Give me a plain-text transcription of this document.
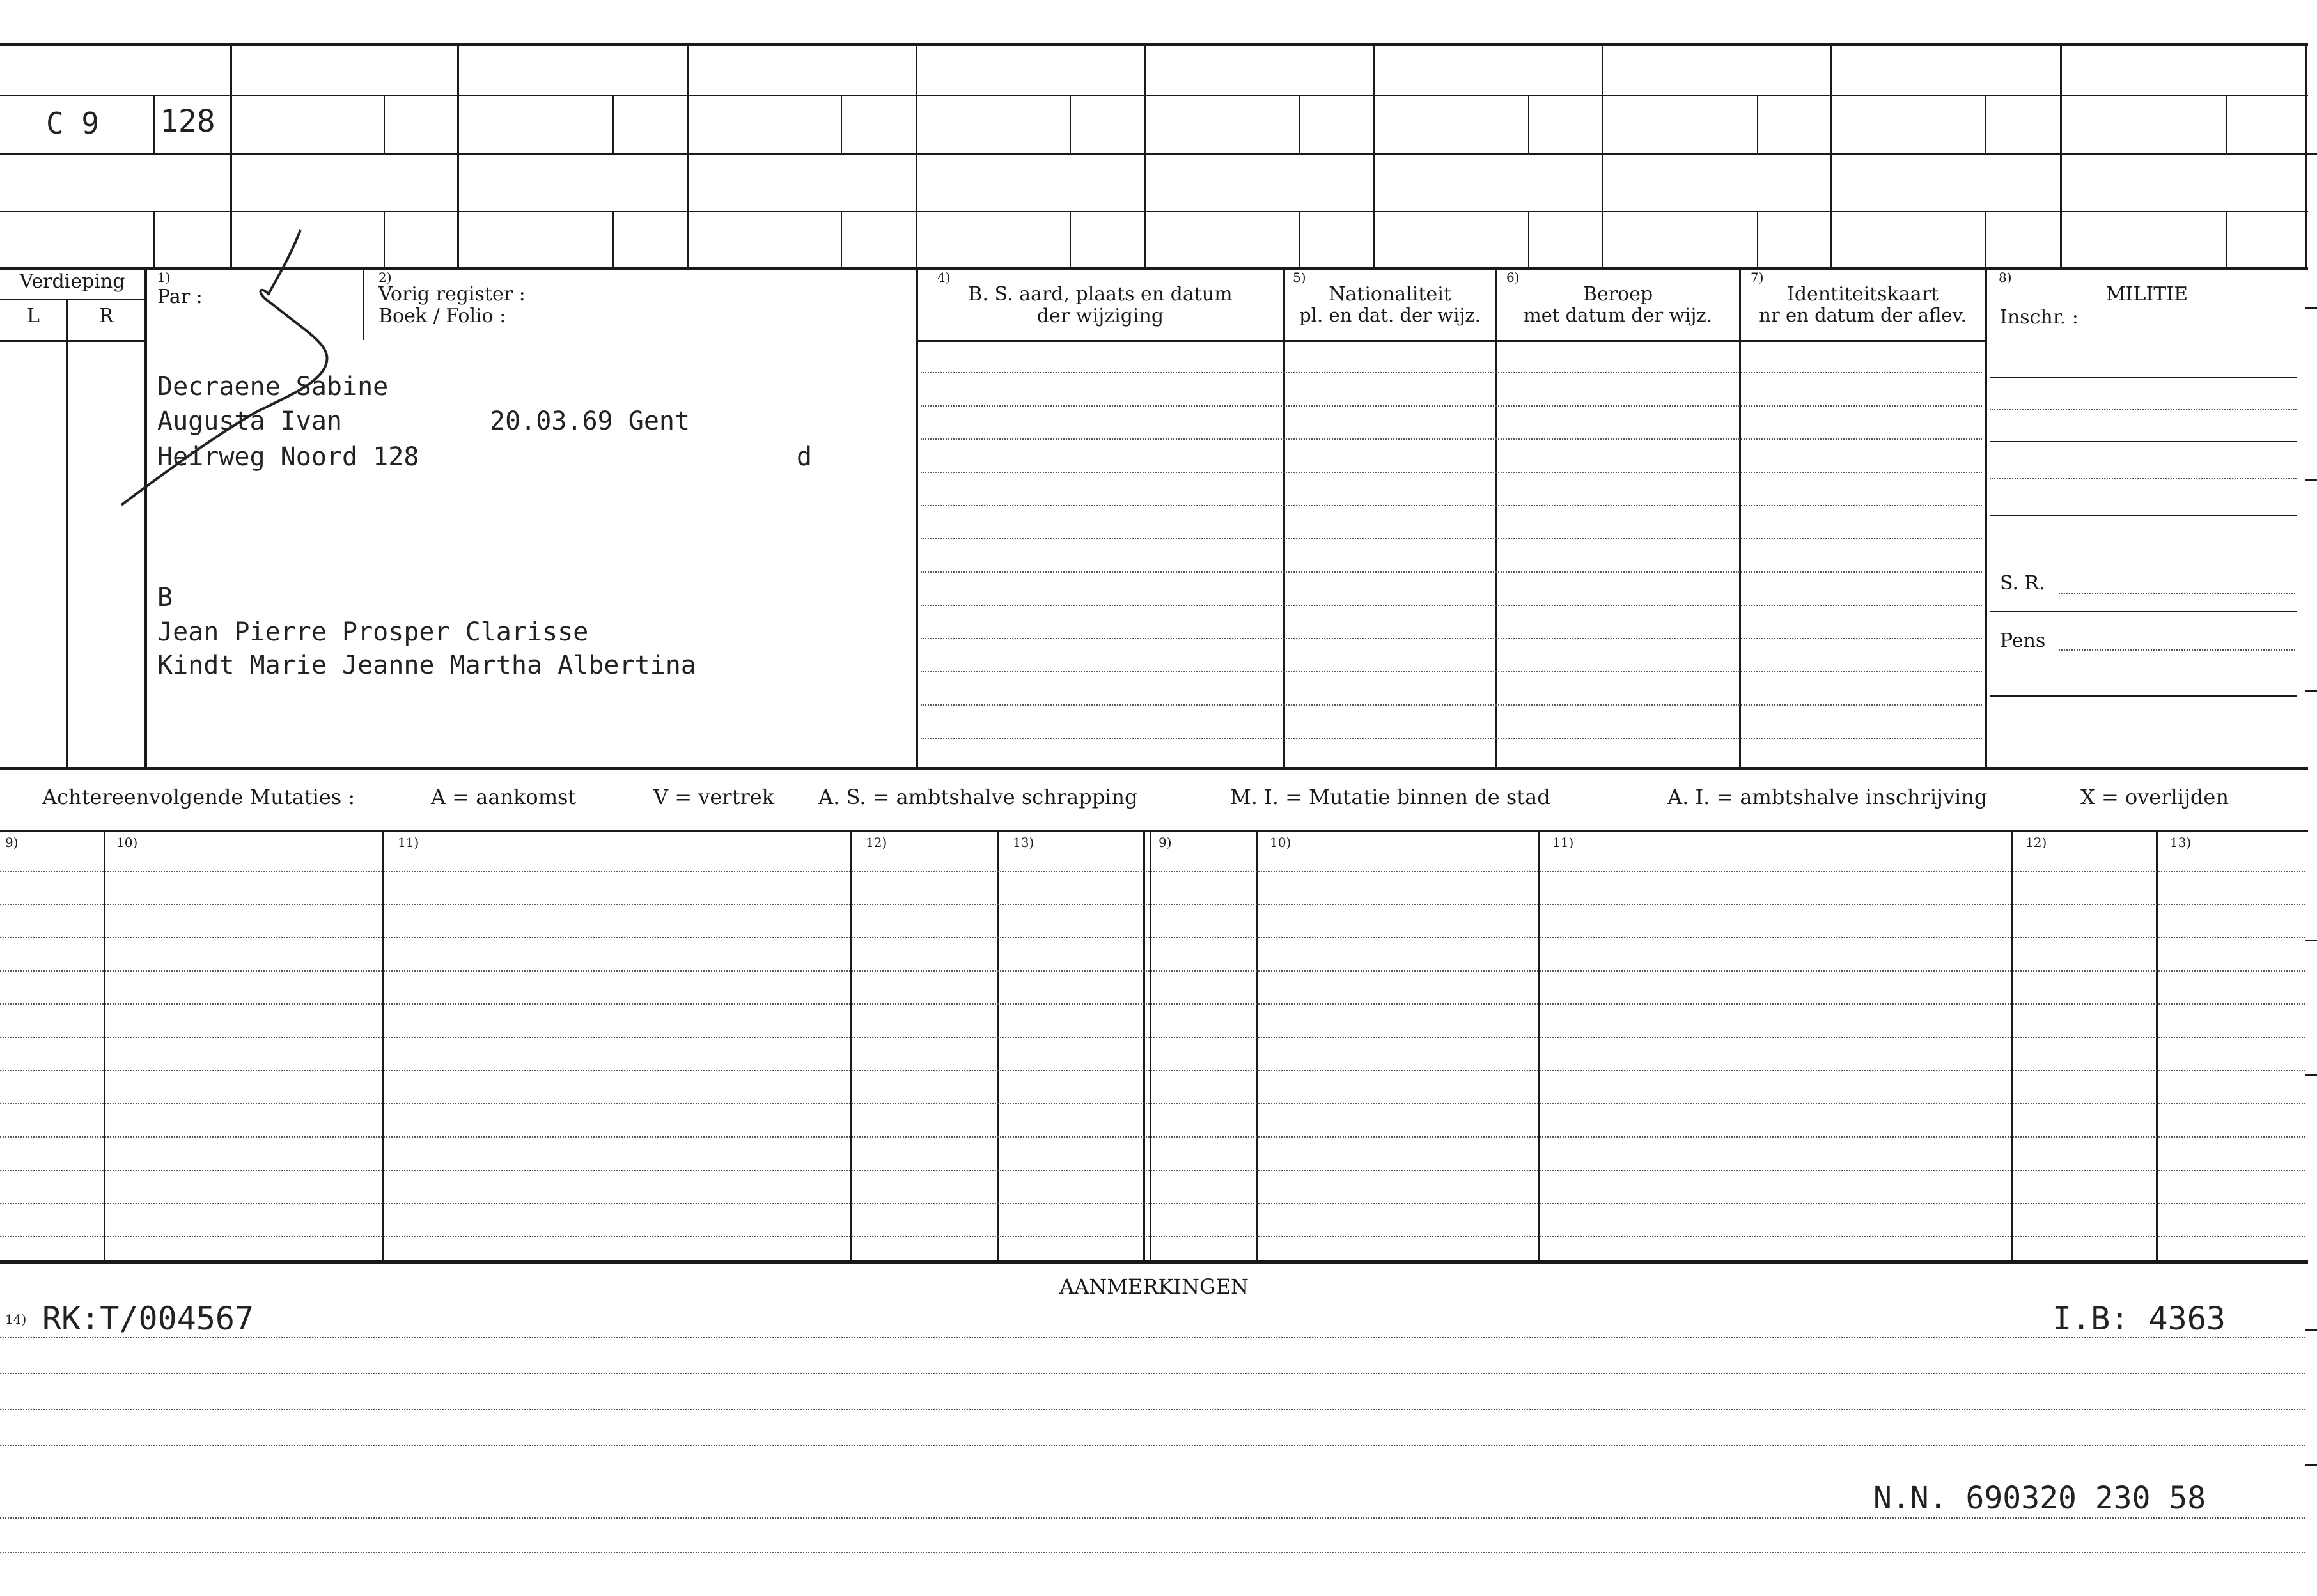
C 9 128
Verdieping
L	R
1)
Par :
2)
Vorig register :
Boek / Folio :
4)
B. S. aard, plaats en datum
der wijziging
5)
Nationaliteit
pl. en dat. der wijz.
6)
Beroep
met datum der wijz.
7)
Identiteitskaart
nr en datum der aflev.
8)
MILITIE
Inschr. :
S. R.
Pens
Decraene Sabine
Augusta Ivan	20.03.69 Gent
Heirweg Noord 128	d
B
Jean Pierre Prosper Clarisse
Kindt Marie Jeanne Martha Albertina
Achtereenvolgende Mutaties :	A = aankomst	V = vertrek A. S. = ambtshalve schrapping	M. I. = Mutatie binnen de stad	A. I. = ambtshalve inschrijving	X = overlijden
9)	10)	11)	12)	13)	9)	10)	11)	12)	13)
AANMERKINGEN
14) RK:T/004567	I.B: 4363
N.N. 690320 230 58
